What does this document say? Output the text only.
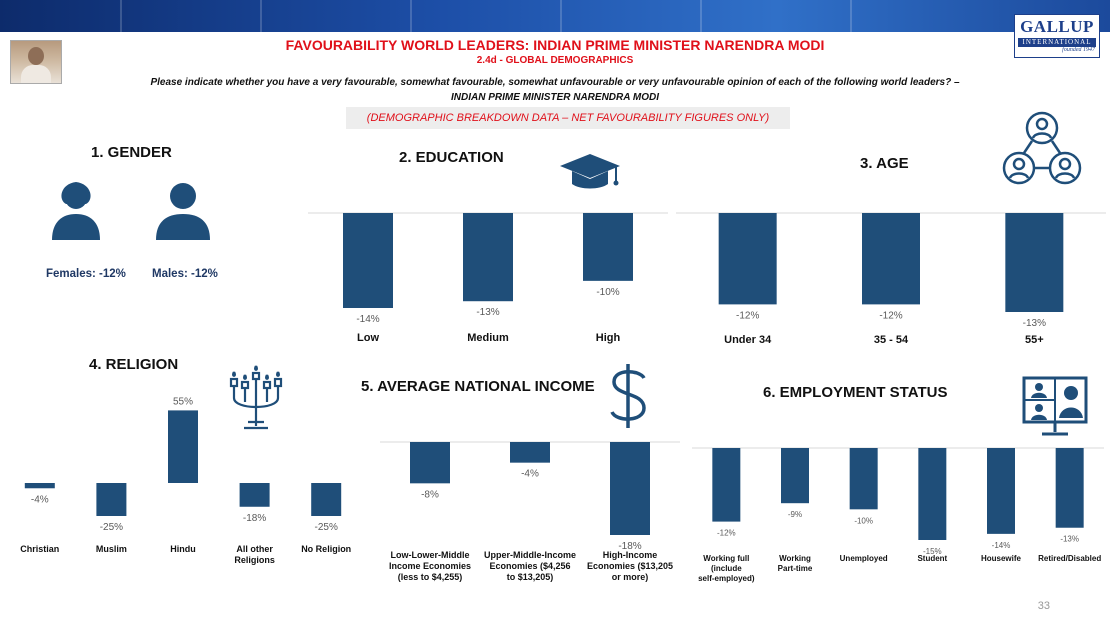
GALLUP
INTERNATIONAL
founded 1947
FAVOURABILITY WORLD LEADERS: INDIAN PRIME MINISTER NARENDRA MODI
2.4d - GLOBAL DEMOGRAPHICS
Please indicate whether you have a very favourable, somewhat favourable, somewhat unfavourable or very unfavourable opinion of each of the following world leaders? –
INDIAN PRIME MINISTER NARENDRA MODI
(DEMOGRAPHIC BREAKDOWN DATA – NET FAVOURABILITY FIGURES ONLY)
1. GENDER
Females: -12% Males: -12%
2. EDUCATION	3. AGE
4. RELIGION
5. AVERAGE NATIONAL INCOME	6. EMPLOYMENT STATUS
-14%
Low
-13%
Medium
-10%
High
-12%
Under 34
-12%
35 - 54
-13%
55+
-4%
Christian
-25%
Muslim
55%
Hindu
-18%
All other Religions
-25%
No Religion
-8%
Low-Lower-Middle Income Economies (less to $4,255)
-4%
Upper-Middle-Income Economies ($4,256 to $13,205)
-18%
High-Income Economies ($13,205 or more)
-12%
Working full (include self-employed)
-9%
Working Part-time
-10%
Unemployed
-15%
Student
-14%
Housewife
-13%
Retired/Disabled
33
